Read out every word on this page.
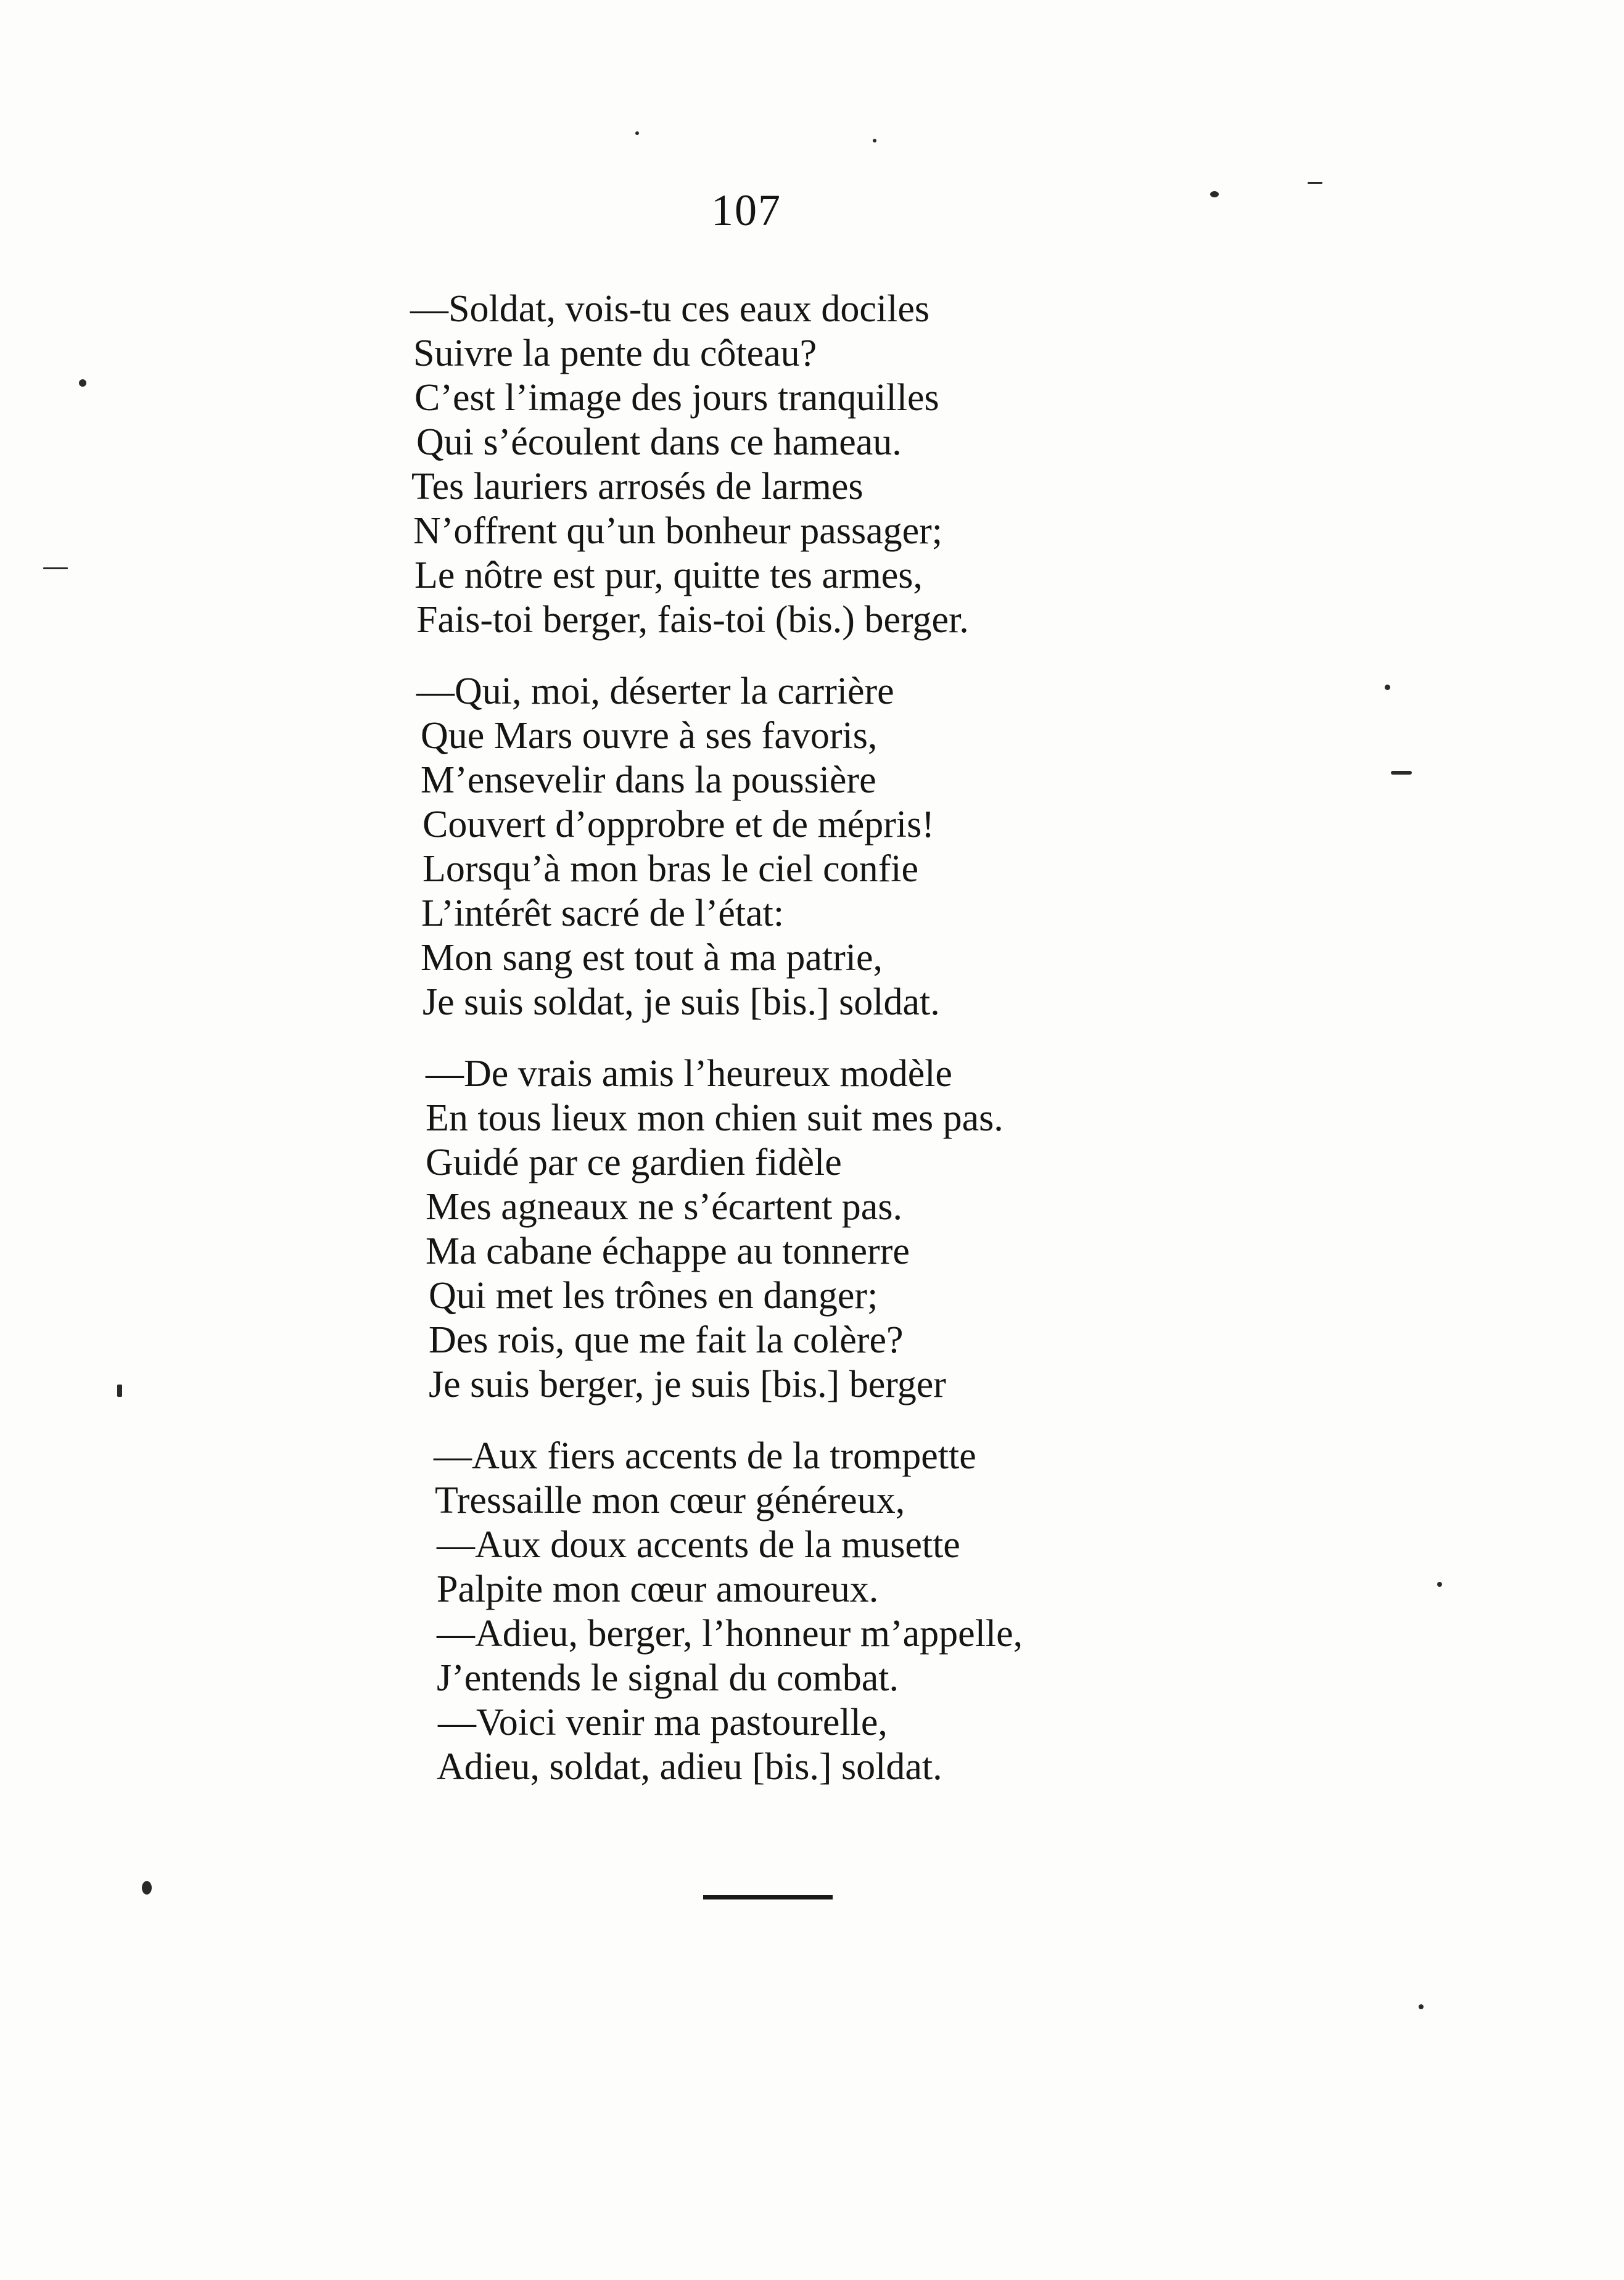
107
—Soldat, vois-tu ces eaux dociles
Suivre la pente du côteau?
C’est l’image des jours tranquilles
Qui s’écoulent dans ce hameau.
Tes lauriers arrosés de larmes
N’offrent qu’un bonheur passager;
Le nôtre est pur, quitte tes armes,
Fais-toi berger, fais-toi (bis.) berger.
—Qui, moi, déserter la carrière
Que Mars ouvre à ses favoris,
M’ensevelir dans la poussière
Couvert d’opprobre et de mépris!
Lorsqu’à mon bras le ciel confie
L’intérêt sacré de l’état:
Mon sang est tout à ma patrie,
Je suis soldat, je suis [bis.] soldat.
—De vrais amis l’heureux modèle
En tous lieux mon chien suit mes pas.
Guidé par ce gardien fidèle
Mes agneaux ne s’écartent pas.
Ma cabane échappe au tonnerre
Qui met les trônes en danger;
Des rois, que me fait la colère?
Je suis berger, je suis [bis.] berger
—Aux fiers accents de la trompette
Tressaille mon cœur généreux,
—Aux doux accents de la musette
Palpite mon cœur amoureux.
—Adieu, berger, l’honneur m’appelle,
J’entends le signal du combat.
—Voici venir ma pastourelle,
Adieu, soldat, adieu [bis.] soldat.
